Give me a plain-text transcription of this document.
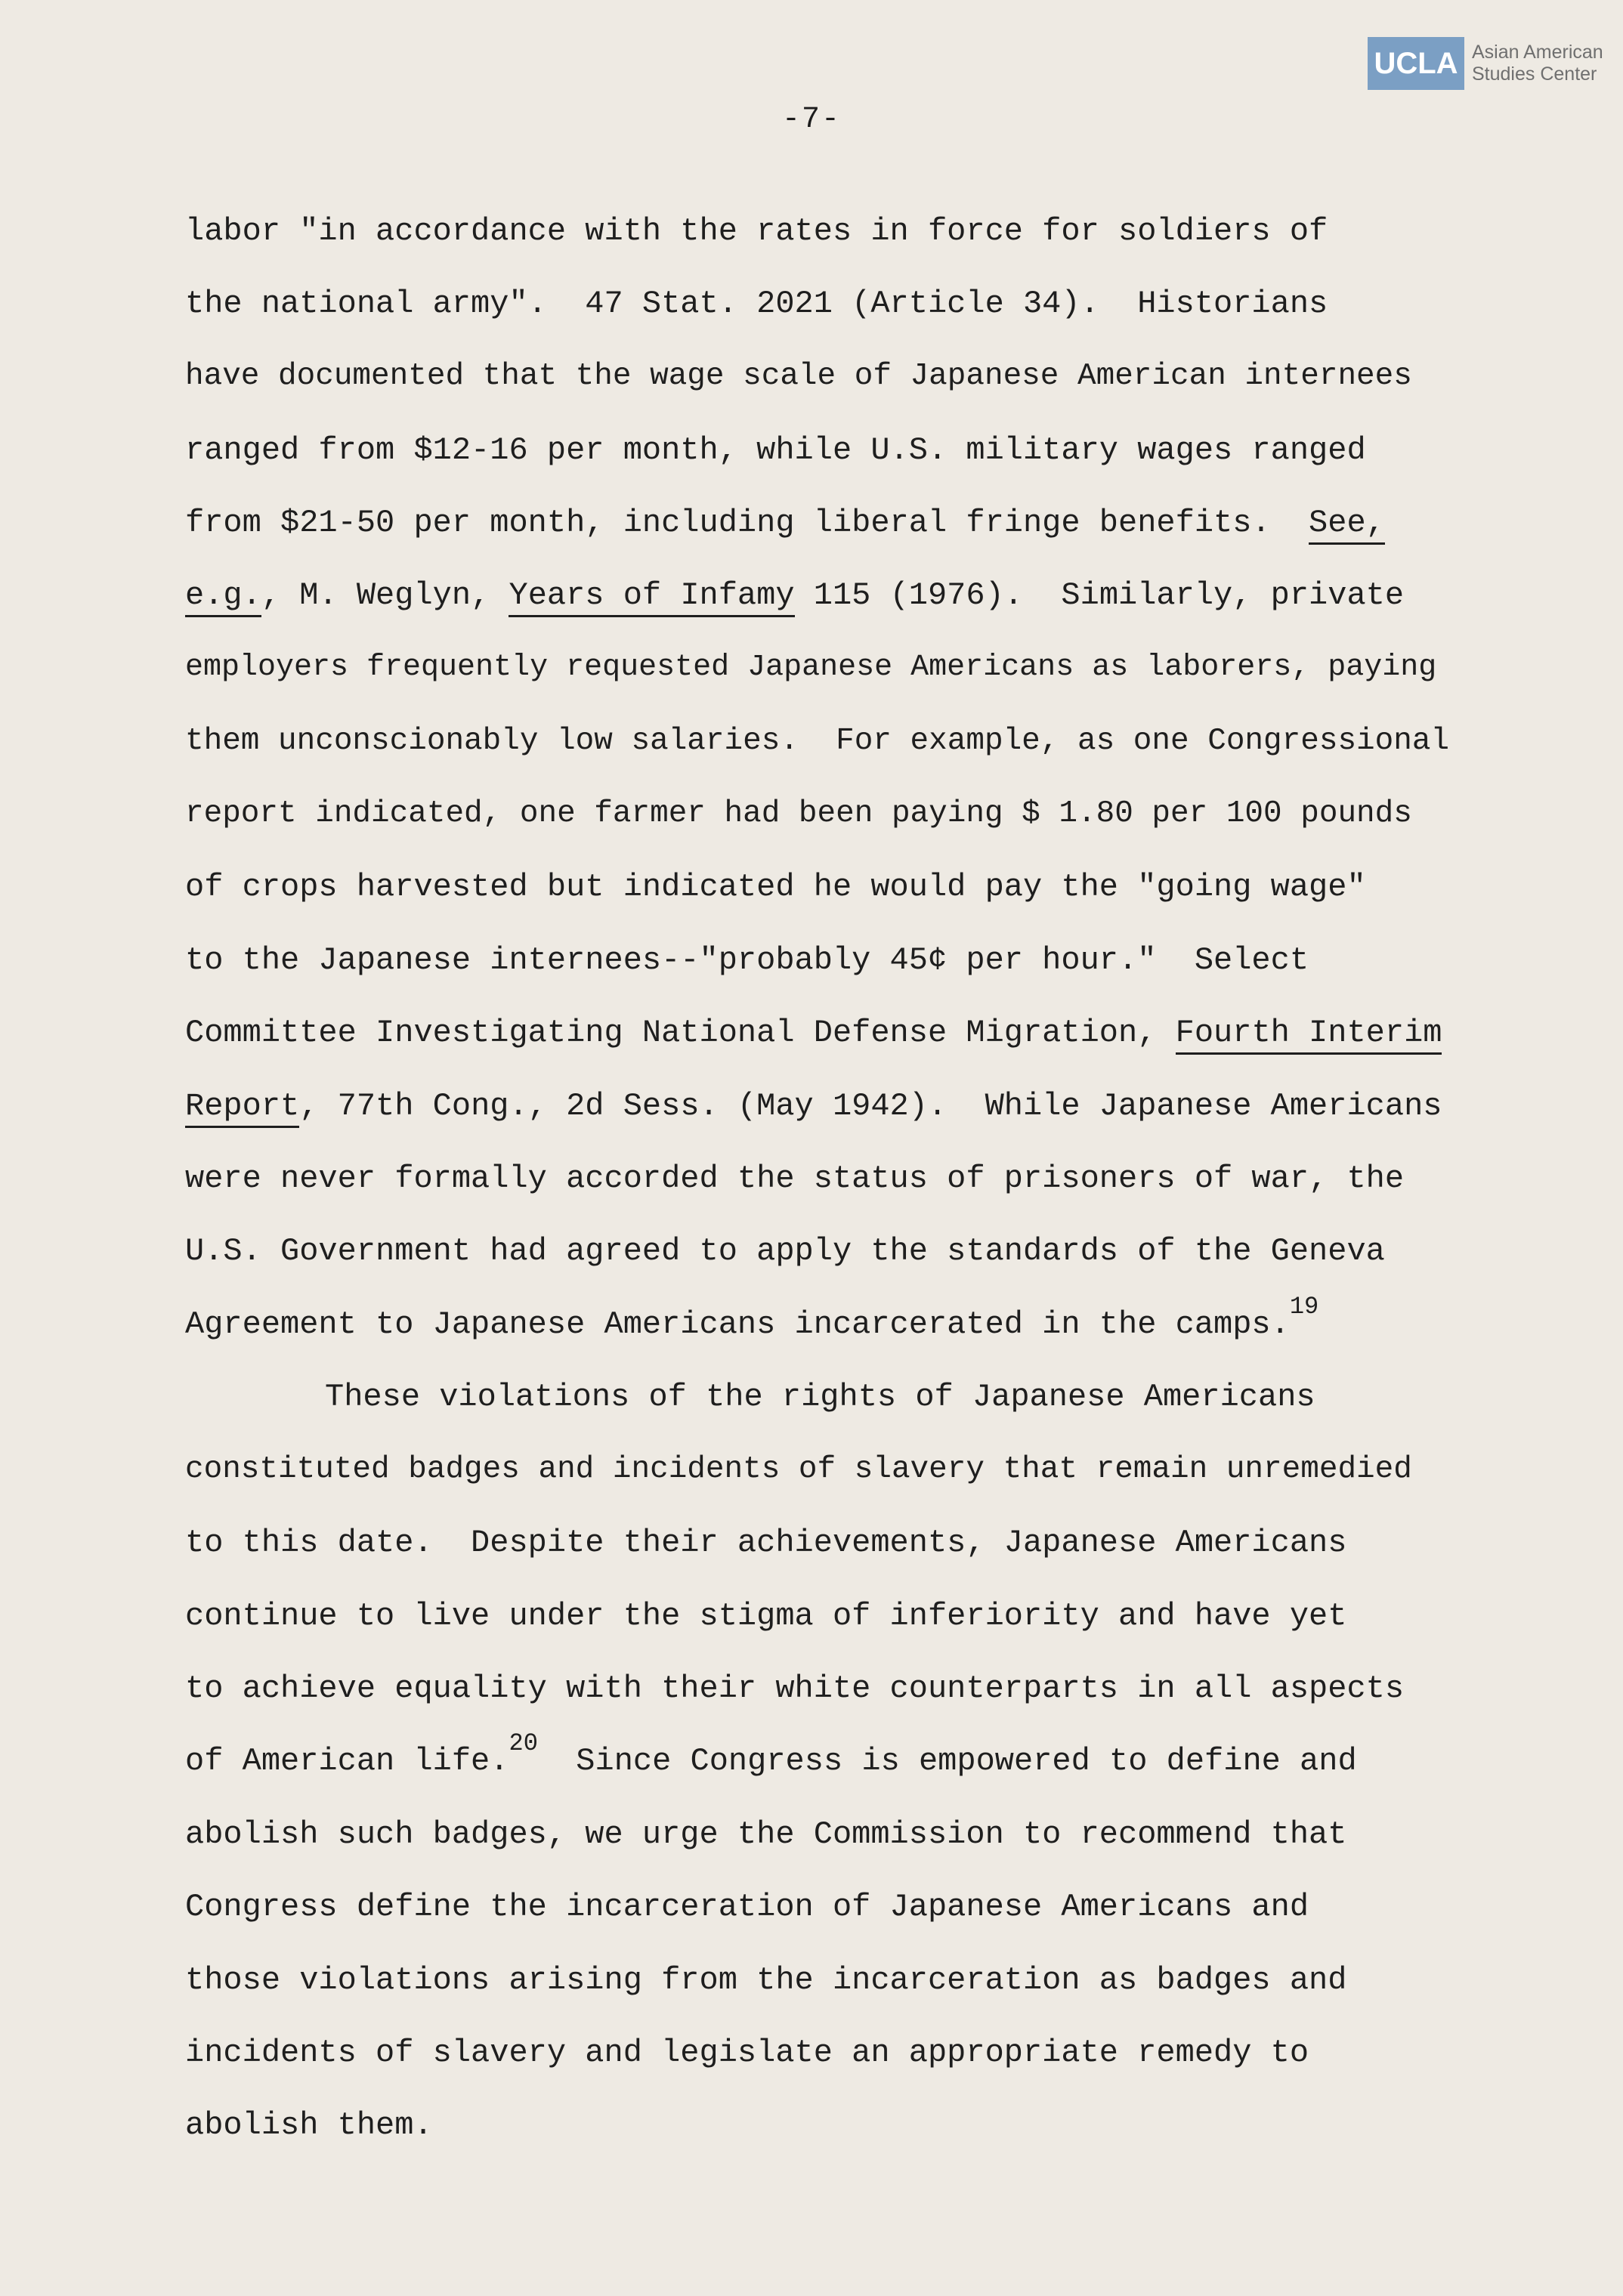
UCLA Asian American
Studies Center
-7-
labor "in accordance with the rates in force for soldiers of
the national army".  47 Stat. 2021 (Article 34).  Historians
have documented that the wage scale of Japanese American internees
ranged from $12-16 per month, while U.S. military wages ranged
from $21-50 per month, including liberal fringe benefits.  See,
e.g., M. Weglyn, Years of Infamy 115 (1976).  Similarly, private
employers frequently requested Japanese Americans as laborers, paying
them unconscionably low salaries.  For example, as one Congressional
report indicated, one farmer had been paying $ 1.80 per 100 pounds
of crops harvested but indicated he would pay the "going wage"
to the Japanese internees--"probably 45¢ per hour."  Select
Committee Investigating National Defense Migration, Fourth Interim
Report, 77th Cong., 2d Sess. (May 1942).  While Japanese Americans
were never formally accorded the status of prisoners of war, the
U.S. Government had agreed to apply the standards of the Geneva
Agreement to Japanese Americans incarcerated in the camps.$^{19}$
These violations of the rights of Japanese Americans
constituted badges and incidents of slavery that remain unremedied
to this date.  Despite their achievements, Japanese Americans
continue to live under the stigma of inferiority and have yet
to achieve equality with their white counterparts in all aspects
of American life.$^{20}$  Since Congress is empowered to define and
abolish such badges, we urge the Commission to recommend that
Congress define the incarceration of Japanese Americans and
those violations arising from the incarceration as badges and
incidents of slavery and legislate an appropriate remedy to
abolish them.
